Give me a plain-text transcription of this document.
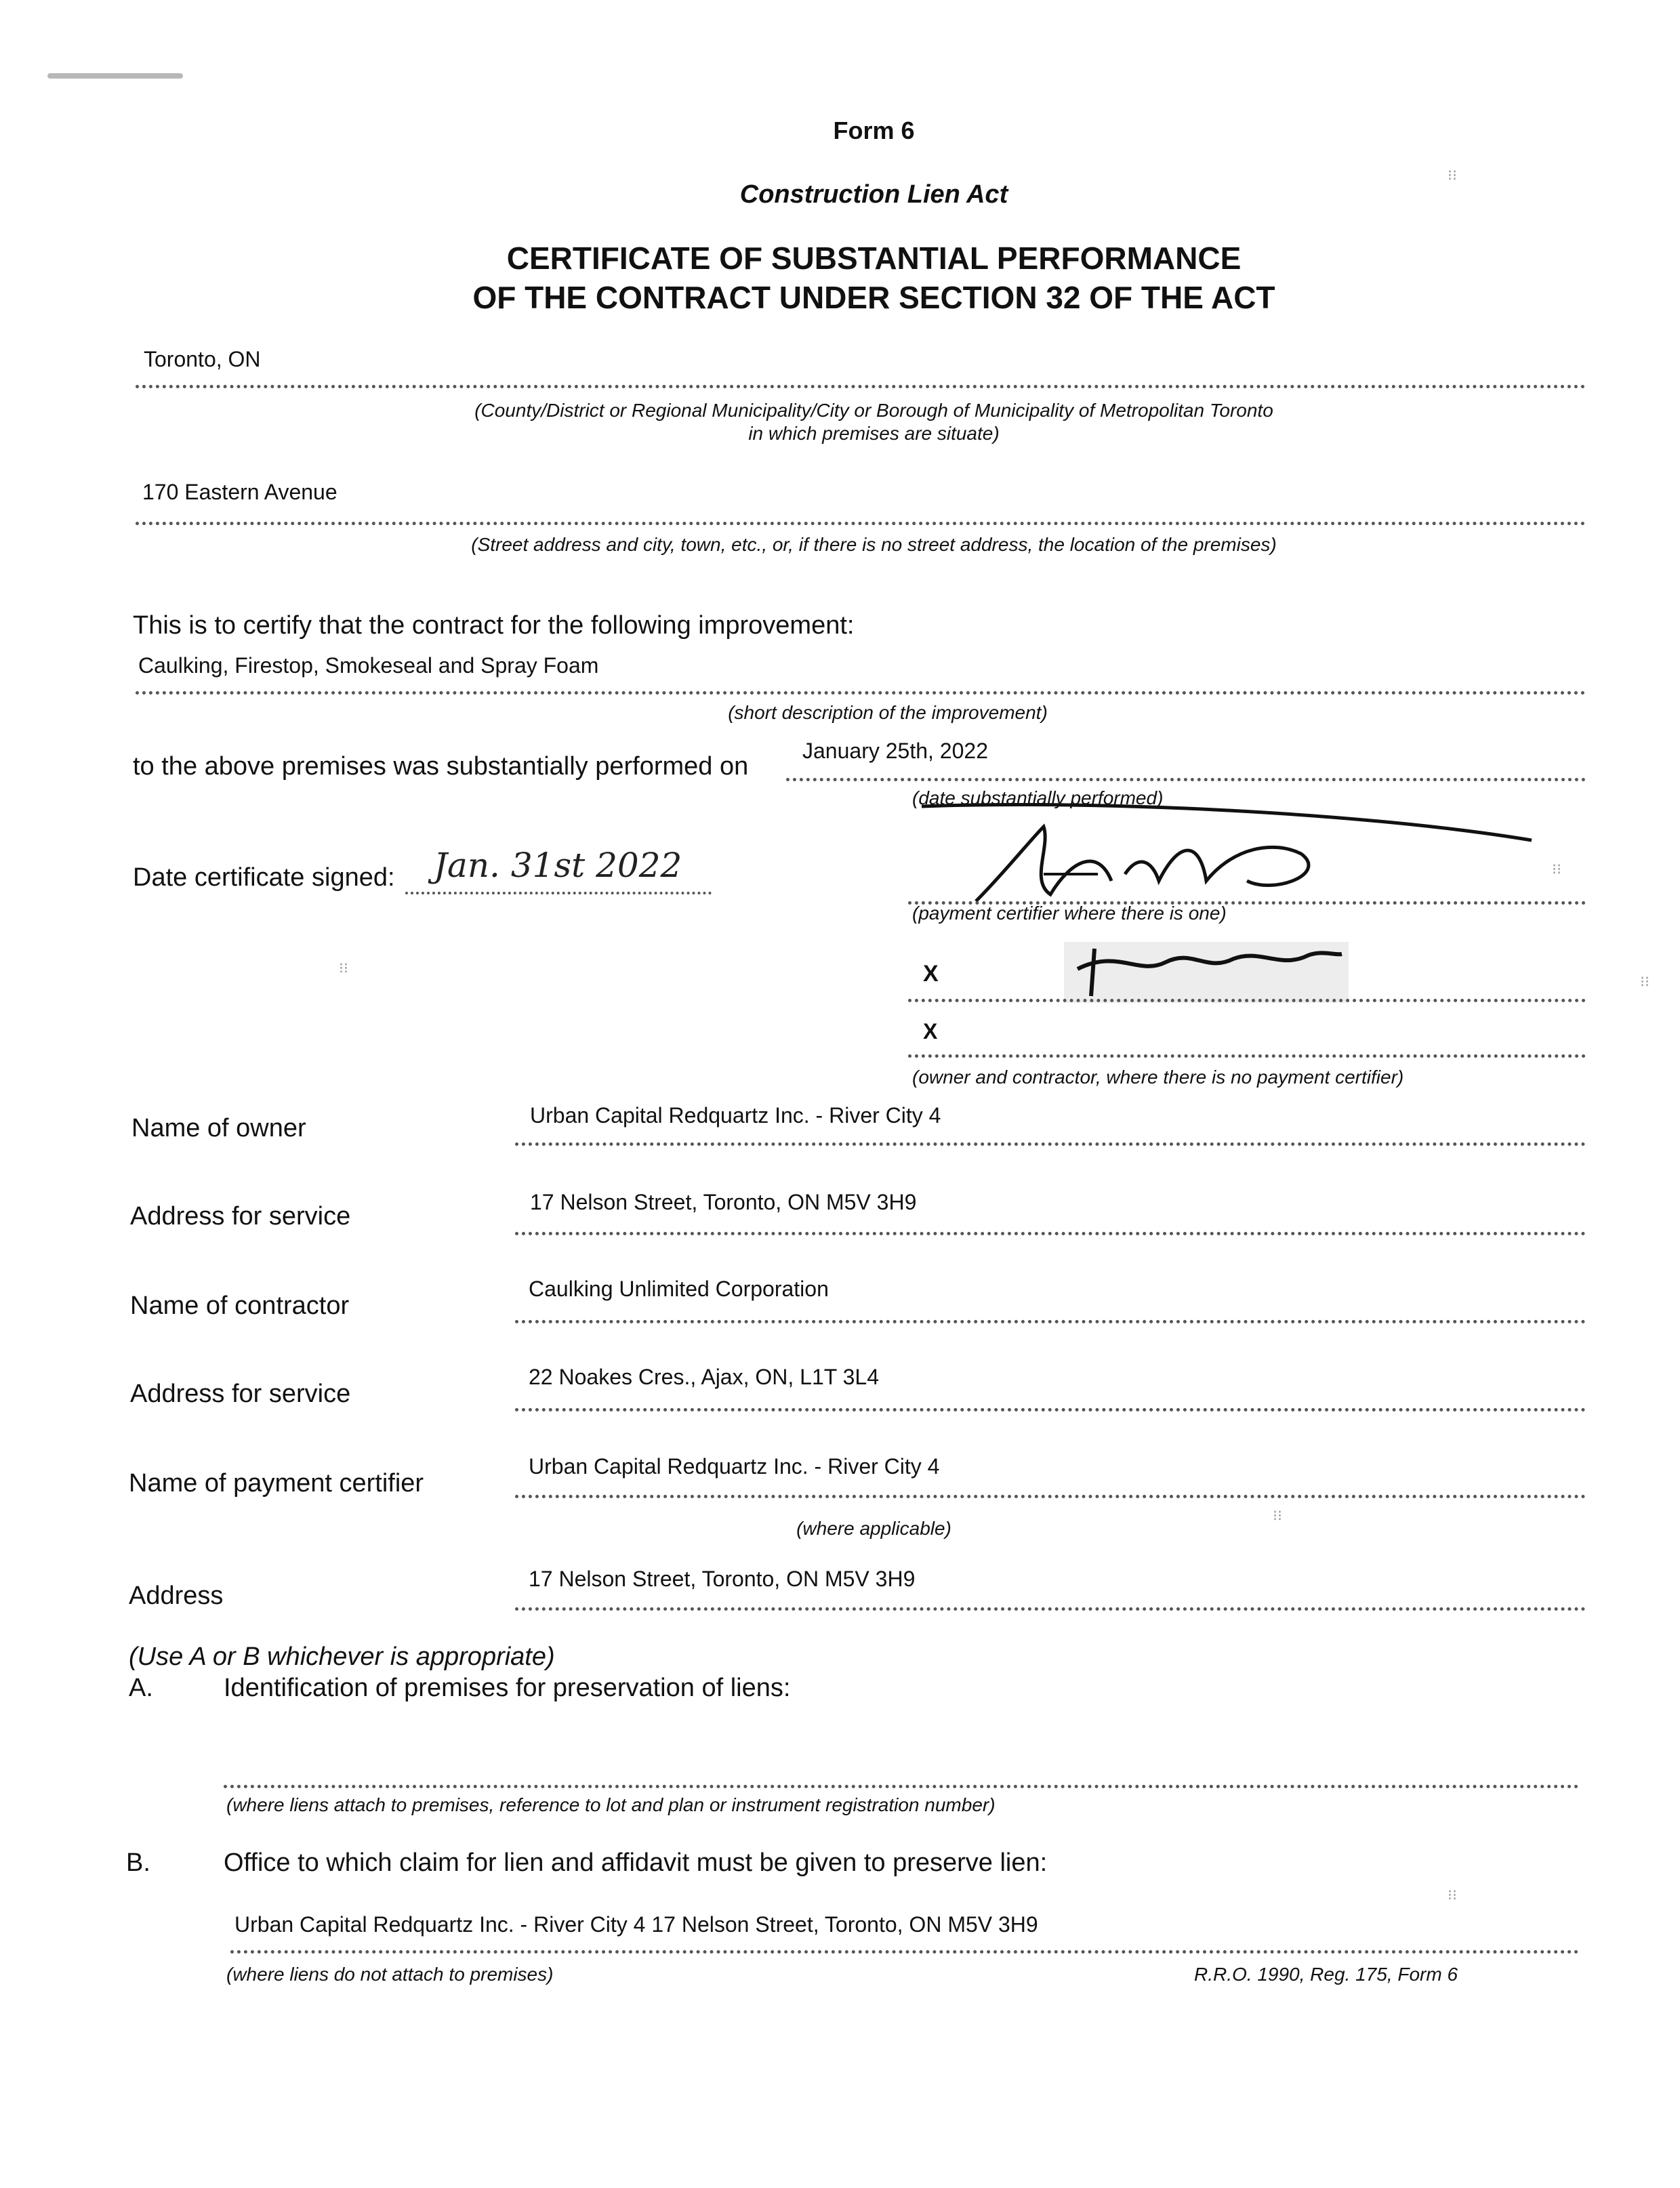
Form 6
Construction Lien Act
CERTIFICATE OF SUBSTANTIAL PERFORMANCE
OF THE CONTRACT UNDER SECTION 32 OF THE ACT
Toronto, ON
(County/District or Regional Municipality/City or Borough of Municipality of Metropolitan Toronto
in which premises are situate)
170 Eastern Avenue
(Street address and city, town, etc., or, if there is no street address, the location of the premises)
This is to certify that the contract for the following improvement:
Caulking, Firestop, Smokeseal and Spray Foam
(short description of the improvement)
to the above premises was substantially performed on
January 25th, 2022
(date substantially performed)
Date certificate signed: Jan. 31st 2022
(payment certifier where there is one)
X
X
(owner and contractor, where there is no payment certifier)
Name of owner	Urban Capital Redquartz Inc. - River City 4
Address for service	17 Nelson Street, Toronto, ON M5V 3H9
Name of contractor
Caulking Unlimited Corporation
Address for service
22 Noakes Cres., Ajax, ON, L1T 3L4
Name of payment certifier
Urban Capital Redquartz Inc. - River City 4
(where applicable)
Address
17 Nelson Street, Toronto, ON M5V 3H9
(Use A or B whichever is appropriate)
A.	Identification of premises for preservation of liens:
(where liens attach to premises, reference to lot and plan or instrument registration number)
B.	Office to which claim for lien and affidavit must be given to preserve lien:
Urban Capital Redquartz Inc. - River City 4 17 Nelson Street, Toronto, ON M5V 3H9
(where liens do not attach to premises)	R.R.O. 1990, Reg. 175, Form 6
⁝⁝
⁝⁝
⁝⁝
⁝⁝
⁝⁝
⁝⁝
